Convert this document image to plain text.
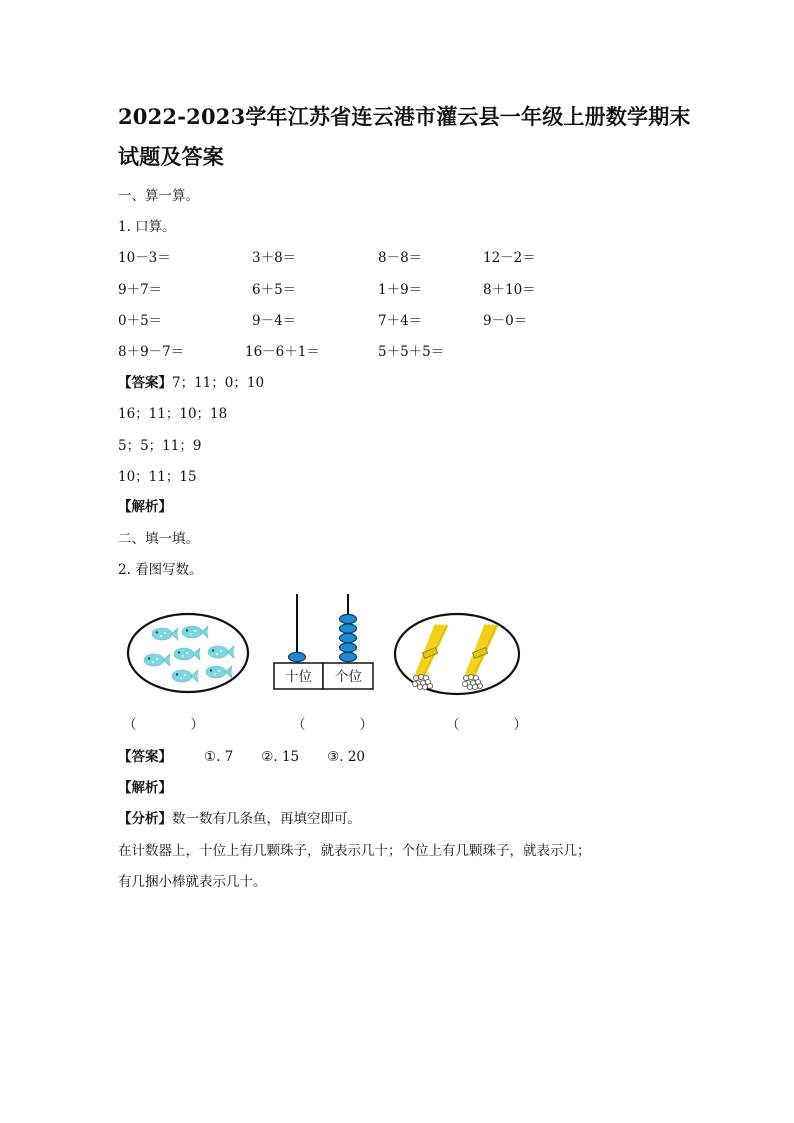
2022-2023学年江苏省连云港市灌云县一年级上册数学期末
试题及答案
一、算一算。
1. 口算。
10－3＝	3＋8＝	8－8＝	12－2＝
9＋7＝	6＋5＝	1＋9＝	8＋10＝
0＋5＝	9－4＝	7＋4＝	9－0＝
8＋9－7＝	16－6＋1＝	5＋5＋5＝
【答案】7；11；0；10
16；11；10；18
5；5；11；9
10；11；15
【解析】
二、填一填。
2. 看图写数。
十位 个位
（　　　　）	（　　　　）	（　　　　）
【答案】 ①. 7 ②. 15 ③. 20
【解析】
【分析】数一数有几条鱼，再填空即可。
在计数器上，十位上有几颗珠子，就表示几十；个位上有几颗珠子，就表示几；
有几捆小棒就表示几十。
